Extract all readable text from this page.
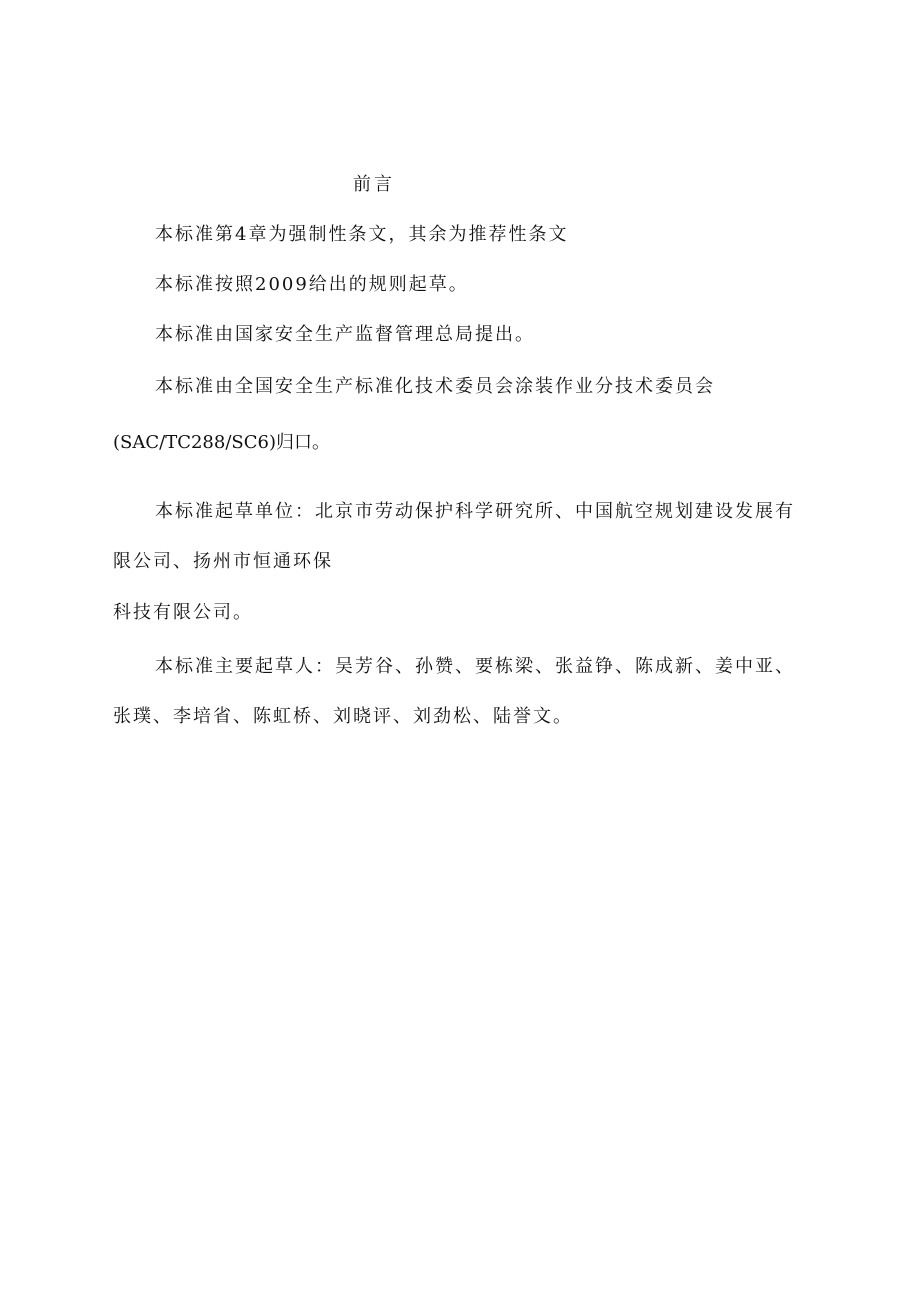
前言
本标准第4章为强制性条文，其余为推荐性条文
本标准按照2009给出的规则起草。
本标准由国家安全生产监督管理总局提出。
本标准由全国安全生产标准化技术委员会涂装作业分技术委员会
(SAC/TC288/SC6)归口。
本标准起草单位：北京市劳动保护科学研究所、中国航空规划建设发展有
限公司、扬州市恒通环保
科技有限公司。
本标准主要起草人：吴芳谷、孙赞、要栋梁、张益铮、陈成新、姜中亚、
张璞、李培省、陈虹桥、刘晓评、刘劲松、陆誉文。
